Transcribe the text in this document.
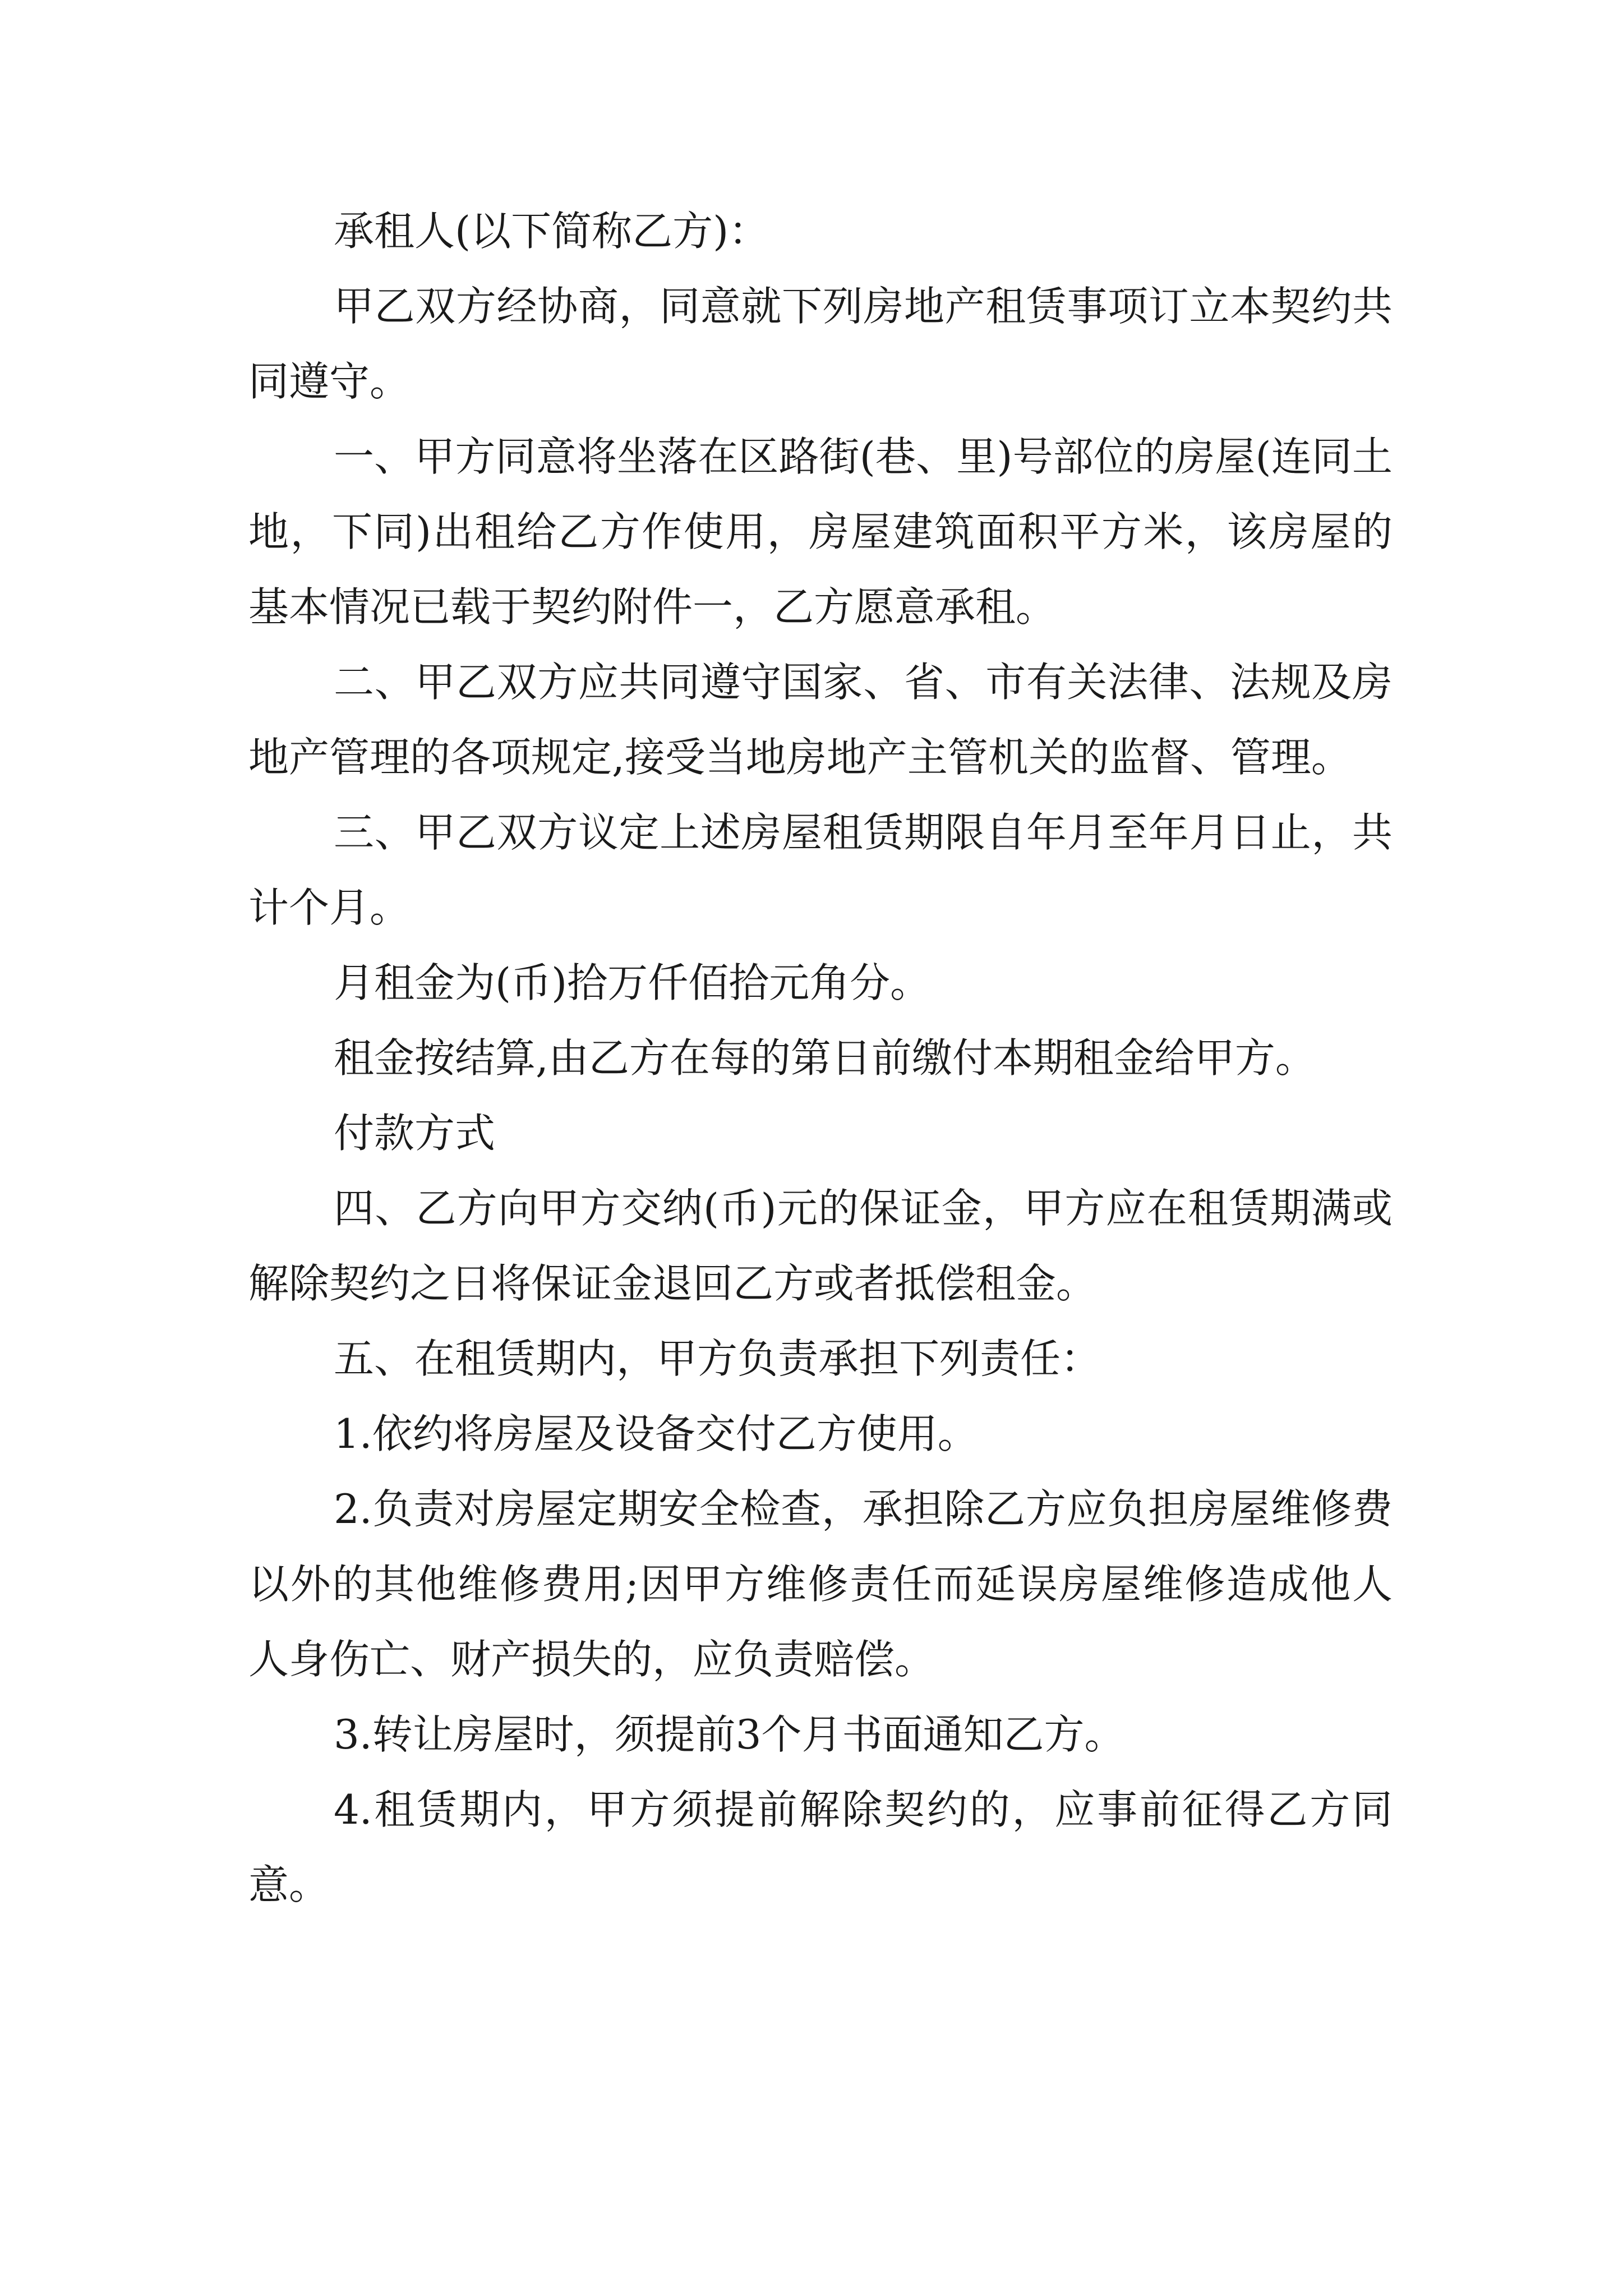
承租人(以下简称乙方)：

甲乙双方经协商，同意就下列房地产租赁事项订立本契约共同遵守。

一、甲方同意将坐落在区路街(巷、里)号部位的房屋(连同土地，下同)出租给乙方作使用，房屋建筑面积平方米，该房屋的基本情况已载于契约附件一，乙方愿意承租。

二、甲乙双方应共同遵守国家、省、市有关法律、法规及房地产管理的各项规定,接受当地房地产主管机关的监督、管理。

三、甲乙双方议定上述房屋租赁期限自年月至年月日止，共计个月。

月租金为(币)拾万仟佰拾元角分。

租金按结算,由乙方在每的第日前缴付本期租金给甲方。

付款方式

四、乙方向甲方交纳(币)元的保证金，甲方应在租赁期满或解除契约之日将保证金退回乙方或者抵偿租金。

五、在租赁期内，甲方负责承担下列责任：

1.依约将房屋及设备交付乙方使用。

2.负责对房屋定期安全检查，承担除乙方应负担房屋维修费以外的其他维修费用;因甲方维修责任而延误房屋维修造成他人人身伤亡、财产损失的，应负责赔偿。

3.转让房屋时，须提前3个月书面通知乙方。

4.租赁期内，甲方须提前解除契约的，应事前征得乙方同意。
